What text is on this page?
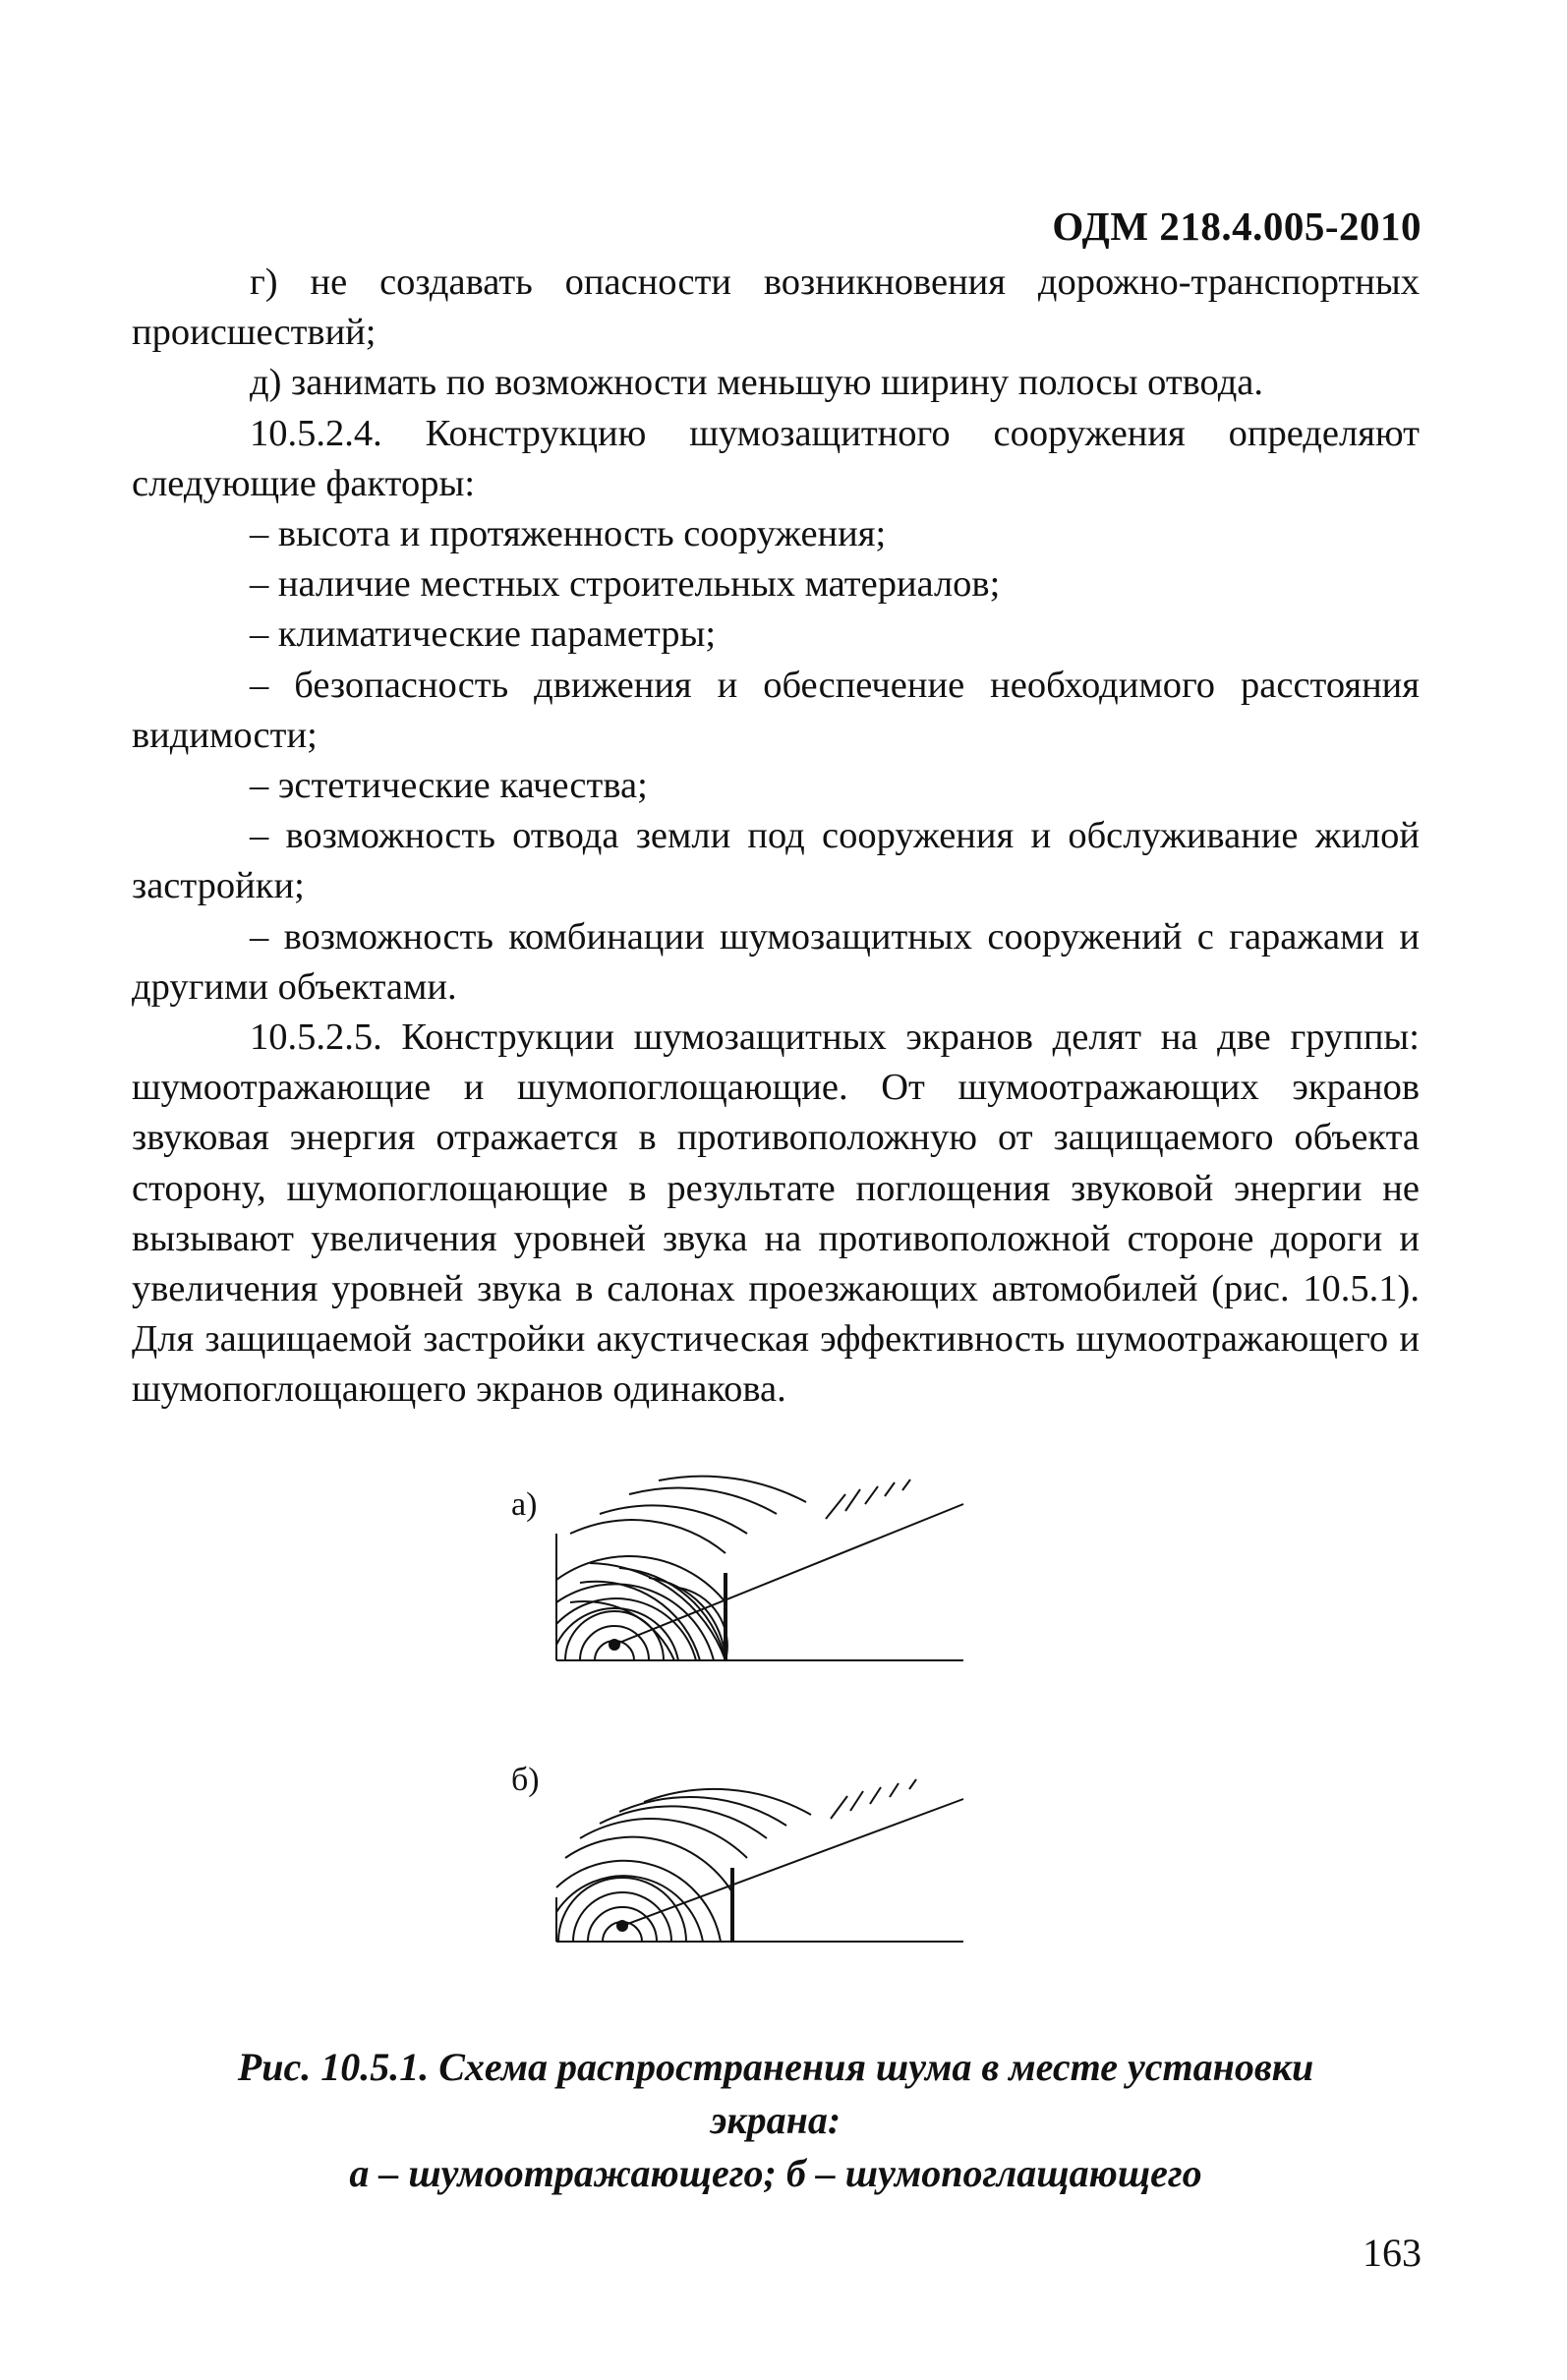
ОДМ 218.4.005-2010

г) не создавать опасности возникновения дорожно-транспортных происшествий;

д) занимать по возможности меньшую ширину полосы отвода.

10.5.2.4. Конструкцию шумозащитного сооружения определяют следующие факторы:

– высота и протяженность сооружения;

– наличие местных строительных материалов;

– климатические параметры;

– безопасность движения и обеспечение необходимого расстояния видимости;

– эстетические качества;

– возможность отвода земли под сооружения и обслуживание жилой застройки;

– возможность комбинации шумозащитных сооружений с гаражами и другими объектами.

10.5.2.5. Конструкции шумозащитных экранов делят на две группы: шумоотражающие и шумопоглощающие. От шумоотражающих экранов звуковая энергия отражается в противоположную от защищаемого объекта сторону, шумопоглощающие в результате поглощения звуковой энергии не вызывают увеличения уровней звука на противоположной стороне дороги и увеличения уровней звука в салонах проезжающих автомобилей (рис. 10.5.1). Для защищаемой застройки акустическая эффективность шумоотражающего и шумопоглощающего экранов одинакова.

а)
б)
Рис. 10.5.1. Схема распространения шума в месте установки
экрана:
а – шумоотражающего; б – шумопоглащающего
163
